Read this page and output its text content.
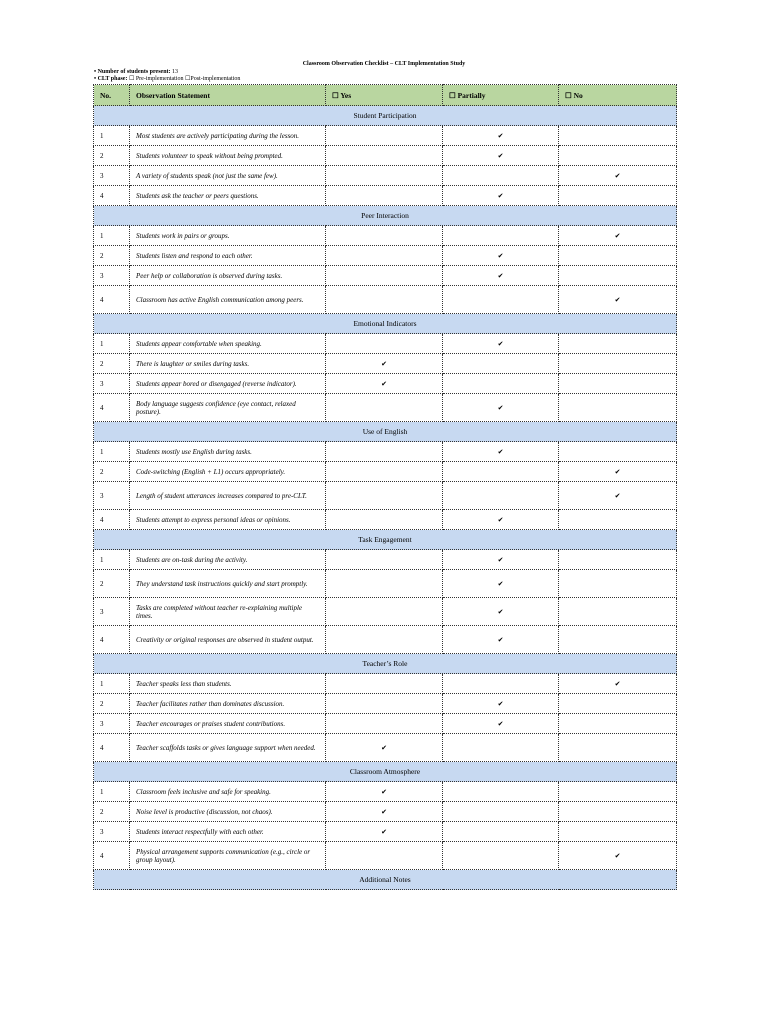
Classroom Observation Checklist – CLT Implementation Study
• Number of students present: 13
• CLT phase: ☐ Pre-implementation ☐Post-implementation
No.	Observation Statement	☐ Yes	☐ Partially	☐ No
Student Participation				
1	Most students are actively participating during the lesson.		✔	
2	Students volunteer to speak without being prompted.		✔	
3	A variety of students speak (not just the same few).			✔
4	Students ask the teacher or peers questions.		✔	
Peer Interaction				
1	Students work in pairs or groups.			✔
2	Students listen and respond to each other.		✔	
3	Peer help or collaboration is observed during tasks.		✔	
4	Classroom has active English communication among peers.			✔
Emotional Indicators				
1	Students appear comfortable when speaking.		✔	
2	There is laughter or smiles during tasks.	✔		
3	Students appear bored or disengaged (reverse indicator).	✔		
4	Body language suggests confidence (eye contact, relaxed posture).		✔	
Use of English				
1	Students mostly use English during tasks.		✔	
2	Code-switching (English + L1) occurs appropriately.			✔
3	Length of student utterances increases compared to pre-CLT.			✔
4	Students attempt to express personal ideas or opinions.		✔	
Task Engagement				
1	Students are on-task during the activity.		✔	
2	They understand task instructions quickly and start promptly.		✔	
3	Tasks are completed without teacher re-explaining multiple times.		✔	
4	Creativity or original responses are observed in student output.		✔	
Teacher’s Role				
1	Teacher speaks less than students.			✔
2	Teacher facilitates rather than dominates discussion.		✔	
3	Teacher encourages or praises student contributions.		✔	
4	Teacher scaffolds tasks or gives language support when needed.	✔		
Classroom Atmosphere				
1	Classroom feels inclusive and safe for speaking.	✔		
2	Noise level is productive (discussion, not chaos).	✔		
3	Students interact respectfully with each other.	✔		
4	Physical arrangement supports communication (e.g., circle or group layout).			✔
Additional Notes				
